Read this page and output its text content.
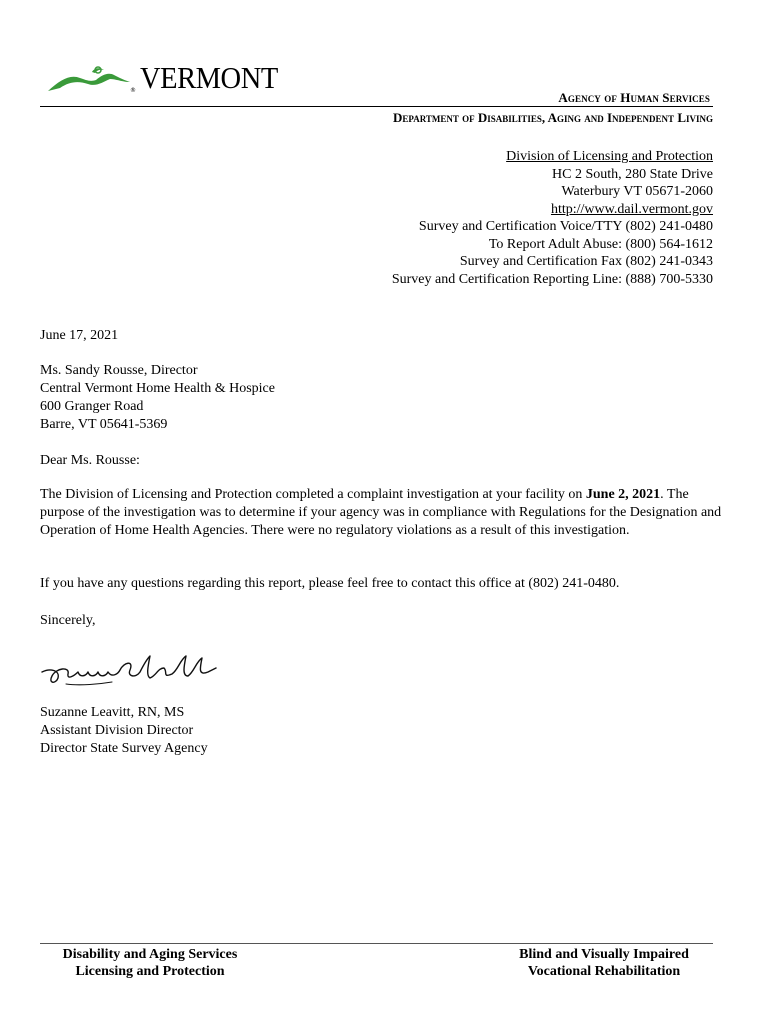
® VERMONT
Agency of Human Services
Department of Disabilities, Aging and Independent Living
Division of Licensing and Protection
HC 2 South, 280 State Drive
Waterbury VT 05671-2060
http://www.dail.vermont.gov
Survey and Certification Voice/TTY (802) 241-0480
To Report Adult Abuse: (800) 564-1612
Survey and Certification Fax (802) 241-0343
Survey and Certification Reporting Line: (888) 700-5330
June 17, 2021
Ms. Sandy Rousse, Director
Central Vermont Home Health & Hospice
600 Granger Road
Barre, VT 05641-5369
Dear Ms. Rousse:
The Division of Licensing and Protection completed a complaint investigation at your facility on June 2, 2021. The purpose of the investigation was to determine if your agency was in compliance with Regulations for the Designation and Operation of Home Health Agencies. There were no regulatory violations as a result of this investigation.
If you have any questions regarding this report, please feel free to contact this office at (802) 241-0480.
Sincerely,
Suzanne Leavitt, RN, MS
Assistant Division Director
Director State Survey Agency
Disability and Aging Services
Licensing and Protection
Blind and Visually Impaired
Vocational Rehabilitation
